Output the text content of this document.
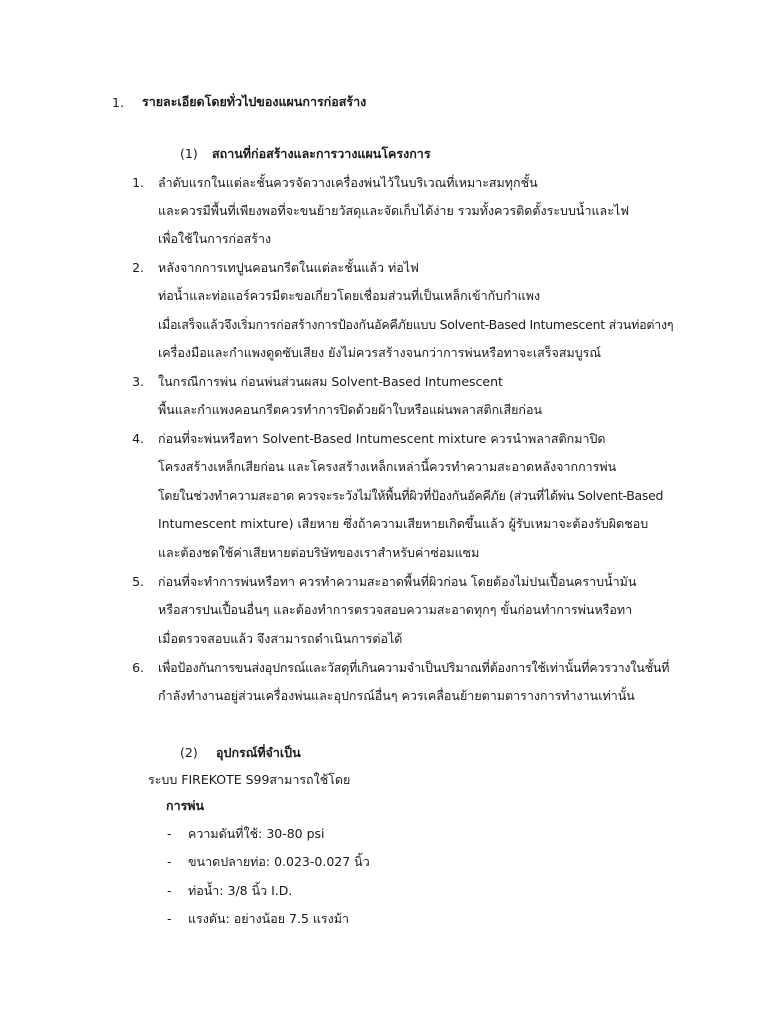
1. รายละเอียดโดยทั่วไปของแผนการก่อสร้าง
(1) สถานที่ก่อสร้างและการวางแผนโครงการ
1. ลำดับแรกในแต่ละชั้นควรจัดวางเครื่องพ่นไว้ในบริเวณที่เหมาะสมทุกชั้น
และควรมีพื้นที่เพียงพอที่จะขนย้ายวัสดุและจัดเก็บได้ง่าย รวมทั้งควรติดตั้งระบบน้ำและไฟ
เพื่อใช้ในการก่อสร้าง
2. หลังจากการเทปูนคอนกรีตในแต่ละชั้นแล้ว ท่อไฟ
ท่อน้ำและท่อแอร์ควรมีตะขอเกี่ยวโดยเชื่อมส่วนที่เป็นเหล็กเข้ากับกำแพง
เมื่อเสร็จแล้วจึงเริ่มการก่อสร้างการป้องกันอัคคีภัยแบบ Solvent-Based Intumescent ส่วนท่อต่างๆ
เครื่องมือและกำแพงดูดซับเสียง ยังไม่ควรสร้างจนกว่าการพ่นหรือทาจะเสร็จสมบูรณ์
3. ในกรณีการพ่น ก่อนพ่นส่วนผสม Solvent-Based Intumescent
พื้นและกำแพงคอนกรีตควรทำการปิดด้วยผ้าใบหรือแผ่นพลาสติกเสียก่อน
4. ก่อนที่จะพ่นหรือทา Solvent-Based Intumescent mixture ควรนำพลาสติกมาปิด
โครงสร้างเหล็กเสียก่อน และโครงสร้างเหล็กเหล่านี้ควรทำความสะอาดหลังจากการพ่น
โดยในช่วงทำความสะอาด ควรจะระวังไม่ให้พื้นที่ผิวที่ป้องกันอัคคีภัย (ส่วนที่ได้พ่น Solvent-Based
Intumescent mixture) เสียหาย ซึ่งถ้าความเสียหายเกิดขึ้นแล้ว ผู้รับเหมาจะต้องรับผิดชอบ
และต้องชดใช้ค่าเสียหายต่อบริษัทของเราสำหรับค่าซ่อมแซม
5. ก่อนที่จะทำการพ่นหรือทา ควรทำความสะอาดพื้นที่ผิวก่อน โดยต้องไม่ปนเปื้อนคราบน้ำมัน
หรือสารปนเปื้อนอื่นๆ และต้องทำการตรวจสอบความสะอาดทุกๆ ขั้นก่อนทำการพ่นหรือทา
เมื่อตรวจสอบแล้ว จึงสามารถดำเนินการต่อได้
6. เพื่อป้องกันการขนส่งอุปกรณ์และวัสดุที่เกินความจำเป็นปริมาณที่ต้องการใช้เท่านั้นที่ควรวางในชั้นที่
กำลังทำงานอยู่ส่วนเครื่องพ่นและอุปกรณ์อื่นๆ ควรเคลื่อนย้ายตามตารางการทำงานเท่านั้น
(2) อุปกรณ์ที่จำเป็น
ระบบ FIREKOTE S99สามารถใช้โดย
การพ่น
-	ความดันที่ใช้: 30-80 psi
-	ขนาดปลายท่อ: 0.023-0.027 นิ้ว
-	ท่อน้ำ: 3/8 นิ้ว I.D.
-	แรงดัน: อย่างน้อย 7.5 แรงม้า
